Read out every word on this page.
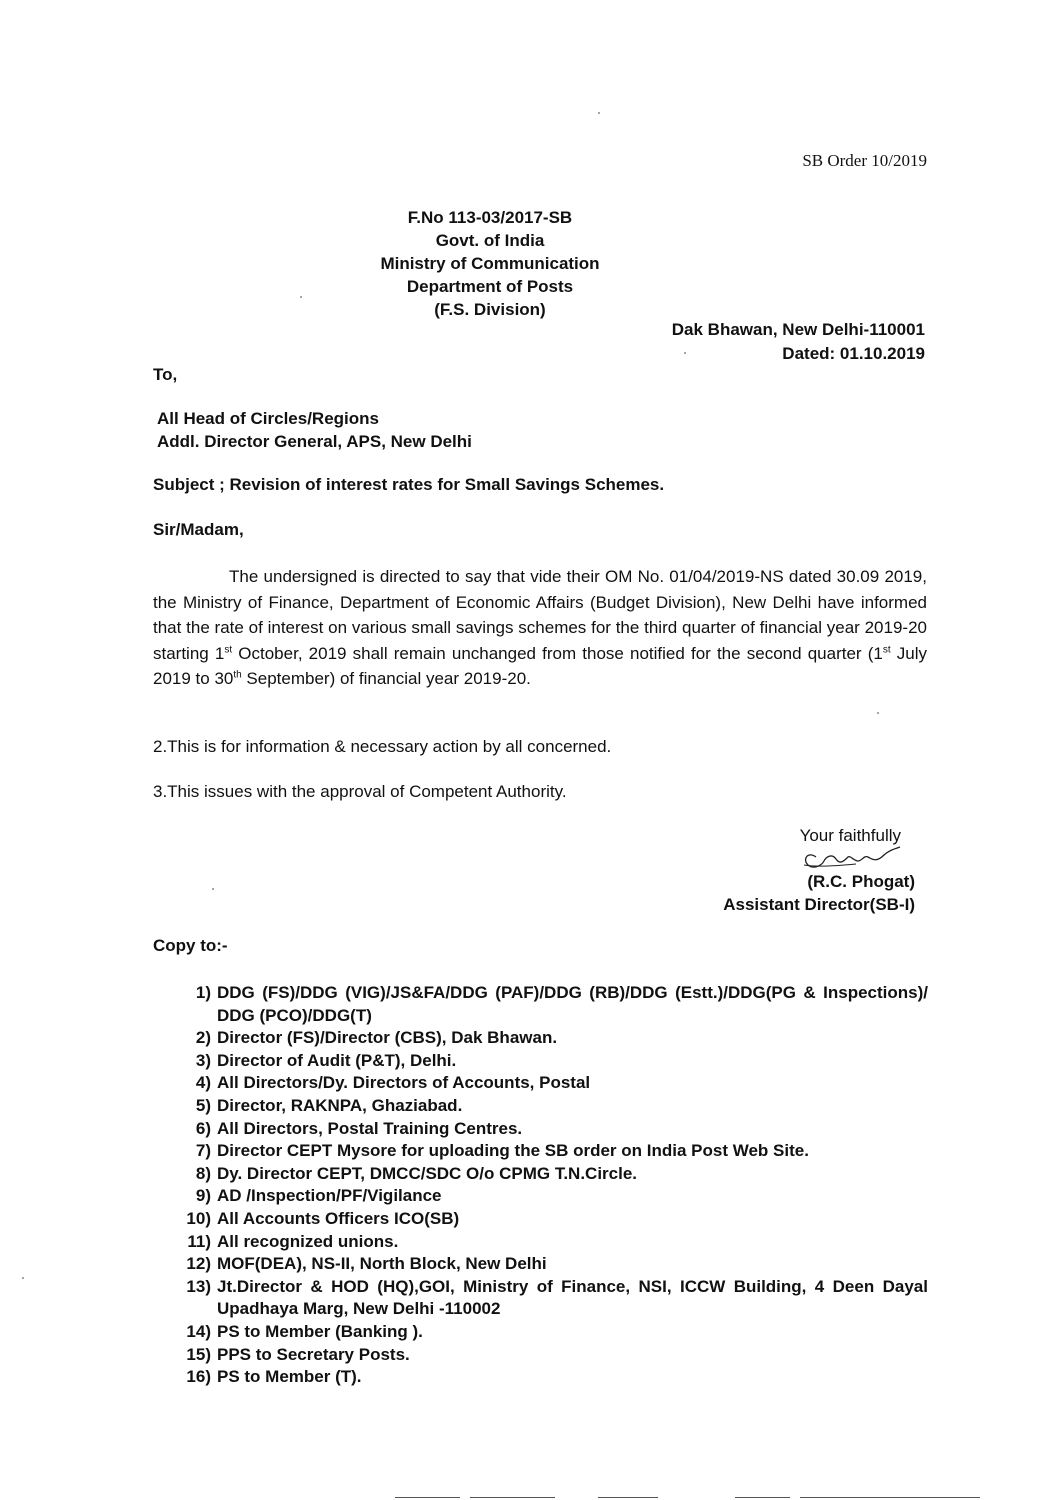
SB Order 10/2019
F.No 113-03/2017-SB
Govt. of India
Ministry of Communication
Department of Posts
(F.S. Division)
Dak Bhawan, New Delhi-110001
Dated: 01.10.2019
To,
All Head of Circles/Regions
Addl. Director General, APS, New Delhi
Subject ; Revision of interest rates for Small Savings Schemes.
Sir/Madam,
The undersigned is directed to say that vide their OM No. 01/04/2019-NS dated 30.09 2019, the Ministry of Finance, Department of Economic Affairs (Budget Division), New Delhi have informed that the rate of interest on various small savings schemes for the third quarter of financial year 2019-20 starting 1st October, 2019 shall remain unchanged from those notified for the second quarter (1st July 2019 to 30th September) of financial year 2019-20.
2.This is for information & necessary action by all concerned.
3.This issues with the approval of Competent Authority.
Your faithfully
(R.C. Phogat)
Assistant Director(SB-I)
Copy to:-
1) DDG (FS)/DDG (VIG)/JS&FA/DDG (PAF)/DDG (RB)/DDG (Estt.)/DDG(PG & Inspections)/ DDG (PCO)/DDG(T)
2) Director (FS)/Director (CBS), Dak Bhawan.
3) Director of Audit (P&T), Delhi.
4) All Directors/Dy. Directors of Accounts, Postal
5) Director, RAKNPA, Ghaziabad.
6) All Directors, Postal Training Centres.
7) Director CEPT Mysore for uploading the SB order on India Post Web Site.
8) Dy. Director CEPT, DMCC/SDC O/o CPMG T.N.Circle.
9) AD /Inspection/PF/Vigilance
10) All Accounts Officers ICO(SB)
11) All recognized unions.
12) MOF(DEA), NS-II, North Block, New Delhi
13) Jt.Director & HOD (HQ),GOI, Ministry of Finance, NSI, ICCW Building, 4 Deen Dayal Upadhaya Marg, New Delhi -110002
14) PS to Member (Banking ).
15) PPS to Secretary Posts.
16) PS to Member (T).
